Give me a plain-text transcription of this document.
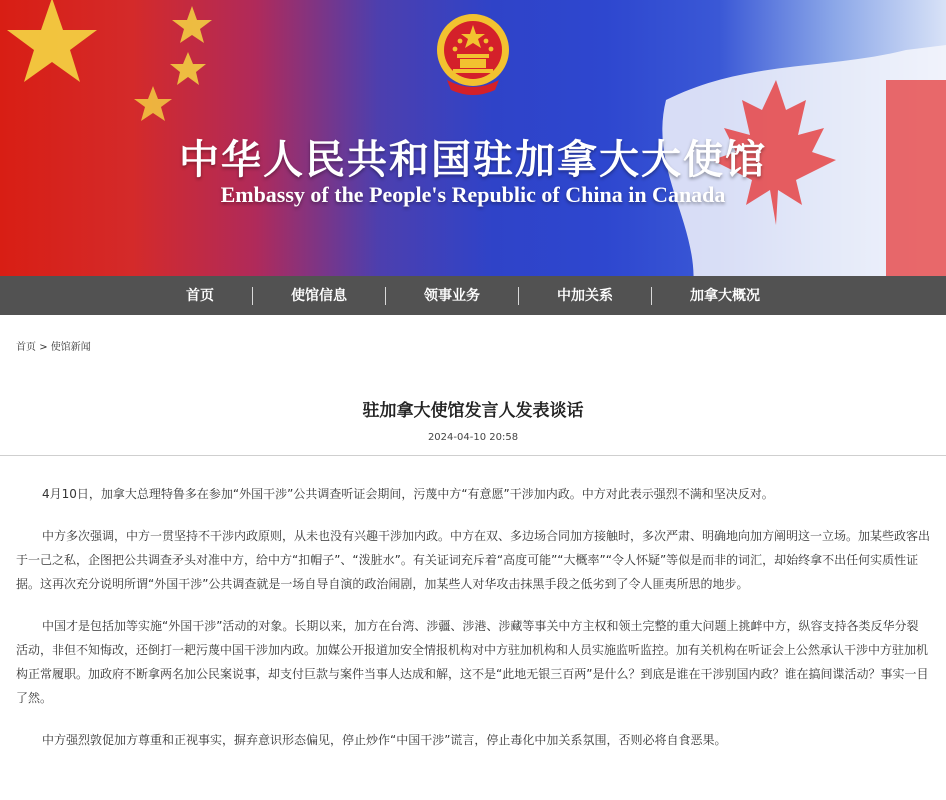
中华人民共和国驻加拿大大使馆
Embassy of the People's Republic of China in Canada
首页	使馆信息	领事业务	中加关系	加拿大概况
首页 > 使馆新闻
驻加拿大使馆发言人发表谈话
2024-04-10 20:58

4月10日，加拿大总理特鲁多在参加“外国干涉”公共调查听证会期间，污蔑中方“有意愿”干涉加内政。中方对此表示强烈不满和坚决反对。

中方多次强调，中方一贯坚持不干涉内政原则，从未也没有兴趣干涉加内政。中方在双、多边场合同加方接触时，多次严肃、明确地向加方阐明这一立场。加某些政客出于一己之私，企图把公共调查矛头对准中方，给中方“扣帽子”、“泼脏水”。有关证词充斥着“高度可能”“大概率”“令人怀疑”等似是而非的词汇，却始终拿不出任何实质性证据。这再次充分说明所谓“外国干涉”公共调查就是一场自导自演的政治闹剧，加某些人对华攻击抹黑手段之低劣到了令人匪夷所思的地步。

中国才是包括加等实施“外国干涉”活动的对象。长期以来，加方在台湾、涉疆、涉港、涉藏等事关中方主权和领土完整的重大问题上挑衅中方，纵容支持各类反华分裂活动，非但不知悔改，还倒打一耙污蔑中国干涉加内政。加媒公开报道加安全情报机构对中方驻加机构和人员实施监听监控。加有关机构在听证会上公然承认干涉中方驻加机构正常履职。加政府不断拿两名加公民案说事，却支付巨款与案件当事人达成和解，这不是“此地无银三百两”是什么？到底是谁在干涉别国内政？谁在搞间谍活动？事实一目了然。

中方强烈敦促加方尊重和正视事实，摒弃意识形态偏见，停止炒作“中国干涉”谎言，停止毒化中加关系氛围，否则必将自食恶果。
